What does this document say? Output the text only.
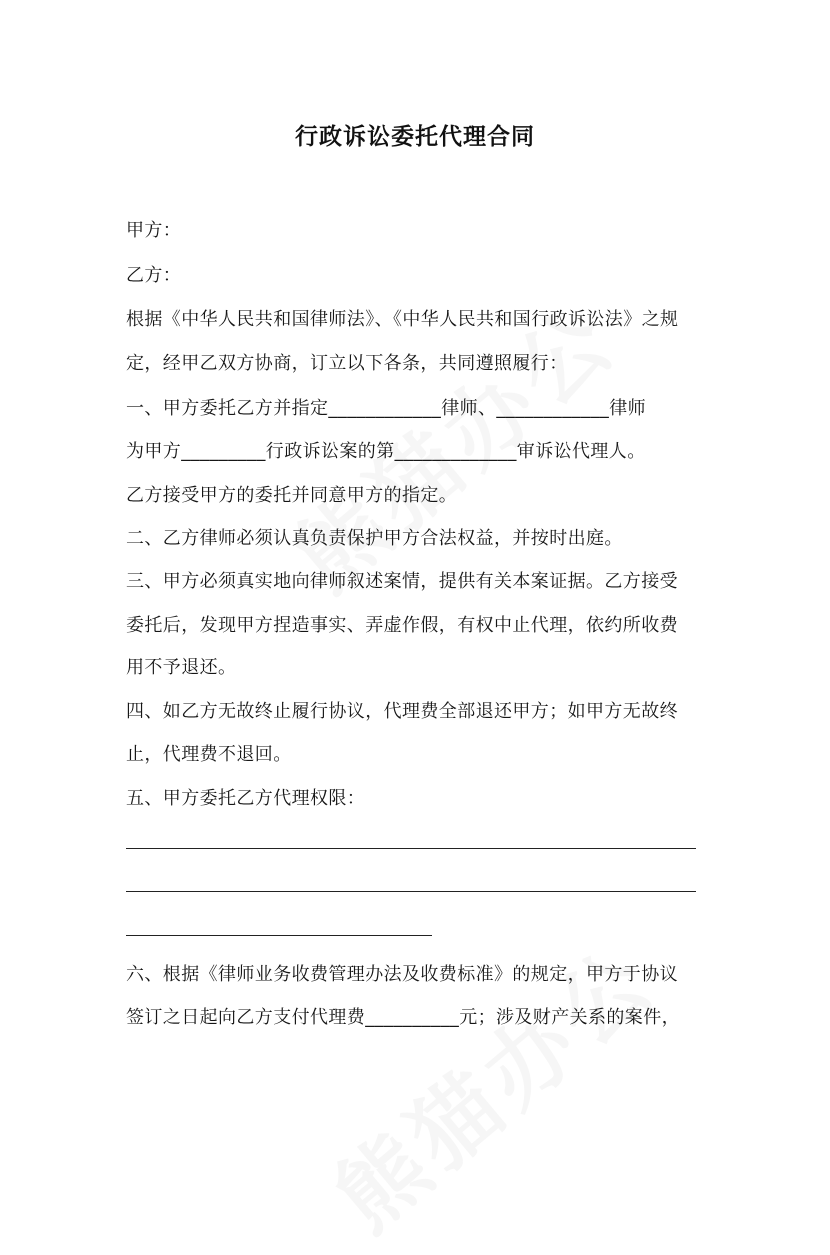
行政诉讼委托代理合同
甲方：
乙方：
根据《中华人民共和国律师法》、《中华人民共和国行政诉讼法》之规
定，经甲乙双方协商，订立以下各条，共同遵照履行：
一、甲方委托乙方并指定____________律师、____________律师
为甲方_________行政诉讼案的第_____________审诉讼代理人。
乙方接受甲方的委托并同意甲方的指定。
二、乙方律师必须认真负责保护甲方合法权益，并按时出庭。
三、甲方必须真实地向律师叙述案情，提供有关本案证据。乙方接受
委托后，发现甲方捏造事实、弄虚作假，有权中止代理，依约所收费
用不予退还。
四、如乙方无故终止履行协议，代理费全部退还甲方；如甲方无故终
止，代理费不退回。
五、甲方委托乙方代理权限：
六、根据《律师业务收费管理办法及收费标准》的规定，甲方于协议
签订之日起向乙方支付代理费__________元；涉及财产关系的案件，
